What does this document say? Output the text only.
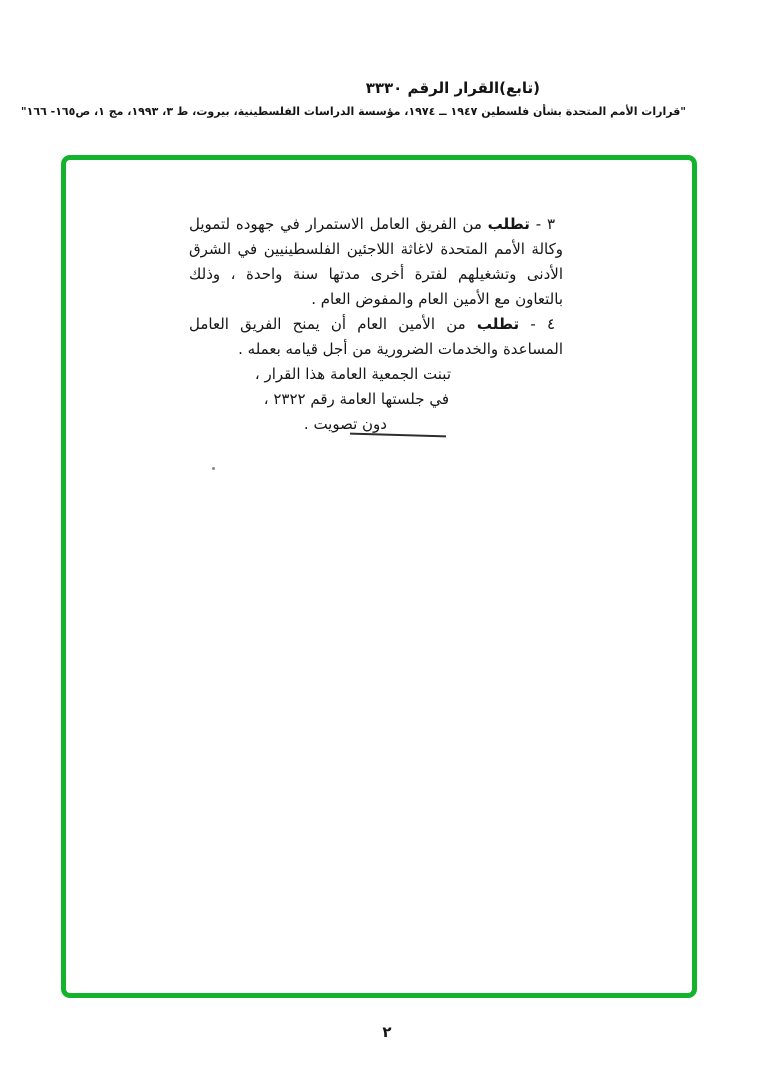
(تابع)القرار الرقم ٣٣٣٠
"قرارات الأمم المتحدة بشأن فلسطين ١٩٤٧ ــ ١٩٧٤، مؤسسة الدراسات الفلسطينية، بيروت، ط ٣، ١٩٩٣، مج ١، ص١٦٥- ١٦٦"

٣ - تطلب من الفريق العامل الاستمرار في جهوده لتمويل وكالة الأمم المتحدة لاغاثة اللاجئين الفلسطينيين في الشرق الأدنى وتشغيلهم لفترة أخرى مدتها سنة واحدة ، وذلك بالتعاون مع الأمين العام والمفوض العام .

٤ - تطلب من الأمين العام أن يمنح الفريق العامل المساعدة والخدمات الضرورية من أجل قيامه بعمله .

تبنت الجمعية العامة هذا القرار ،
في جلستها العامة رقم ٢٣٢٢ ،
دون تصويت .
٢
